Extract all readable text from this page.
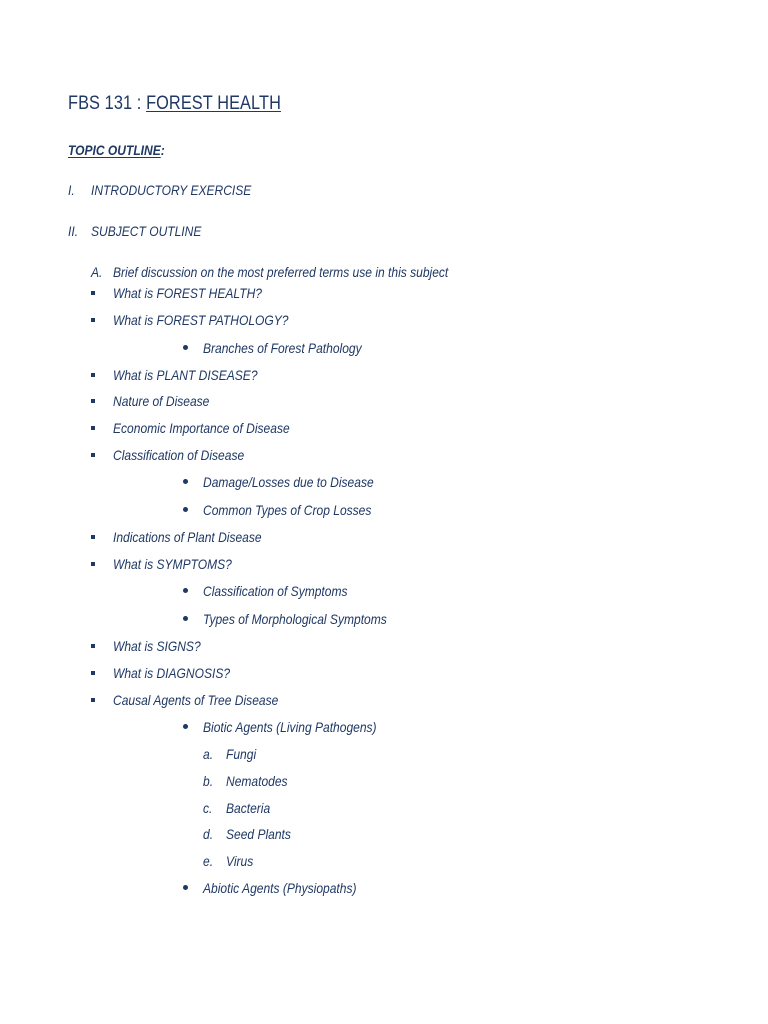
FBS 131 : FOREST HEALTH
TOPIC OUTLINE:
I. INTRODUCTORY EXERCISE
II. SUBJECT OUTLINE
A. Brief discussion on the most preferred terms use in this subject
What is FOREST HEALTH?
What is FOREST PATHOLOGY?
Branches of Forest Pathology
What is PLANT DISEASE?
Nature of Disease
Economic Importance of Disease
Classification of Disease
Damage/Losses due to Disease
Common Types of Crop Losses
Indications of Plant Disease
What is SYMPTOMS?
Classification of Symptoms
Types of Morphological Symptoms
What is SIGNS?
What is DIAGNOSIS?
Causal Agents of Tree Disease
Biotic Agents (Living Pathogens)
a. Fungi
b. Nematodes
c. Bacteria
d. Seed Plants
e. Virus
Abiotic Agents (Physiopaths)
